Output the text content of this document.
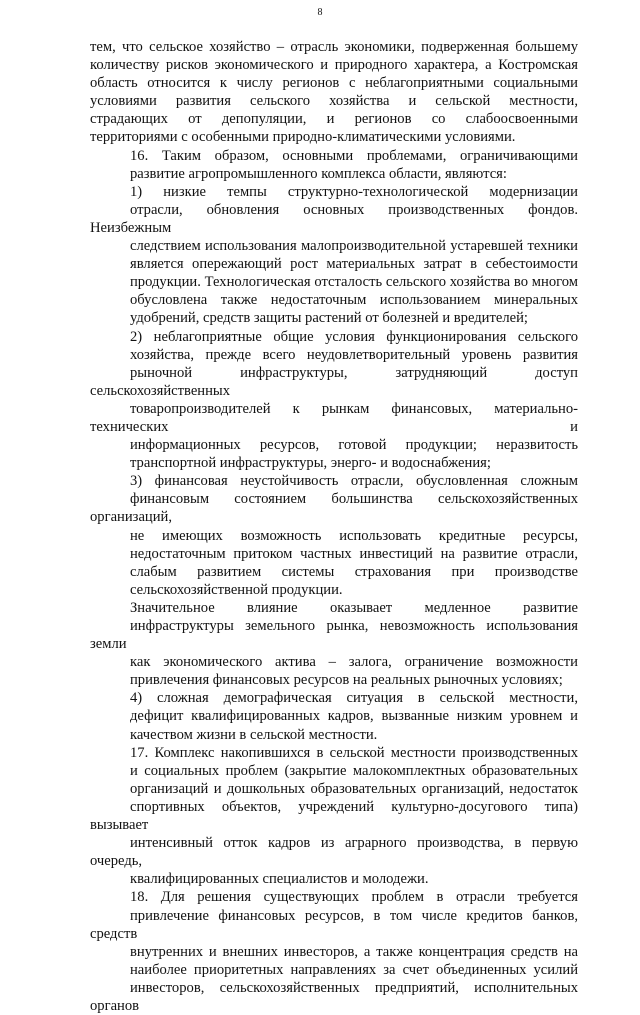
8

тем, что сельское хозяйство – отрасль экономики, подверженная большему
количеству рисков экономического и природного характера, а Костромская
область относится к числу регионов с неблагоприятными социальными
условиями развития сельского хозяйства и сельской местности,
страдающих от депопуляции, и регионов со слабоосвоенными
территориями с особенными природно-климатическими условиями.

16. Таким образом, основными проблемами, ограничивающими
развитие агропромышленного комплекса области, являются:

1) низкие темпы структурно-технологической модернизации
отрасли, обновления основных производственных фондов. Неизбежным
следствием использования малопроизводительной устаревшей техники
является опережающий рост материальных затрат в себестоимости
продукции. Технологическая отсталость сельского хозяйства во многом
обусловлена также недостаточным использованием минеральных
удобрений, средств защиты растений от болезней и вредителей;

2) неблагоприятные общие условия функционирования сельского
хозяйства, прежде всего неудовлетворительный уровень развития
рыночной инфраструктуры, затрудняющий доступ сельскохозяйственных
товаропроизводителей к рынкам финансовых, материально-технических и
информационных ресурсов, готовой продукции; неразвитость
транспортной инфраструктуры, энерго- и водоснабжения;

3) финансовая неустойчивость отрасли, обусловленная сложным
финансовым состоянием большинства сельскохозяйственных организаций,
не имеющих возможность использовать кредитные ресурсы,
недостаточным притоком частных инвестиций на развитие отрасли,
слабым развитием системы страхования при производстве
сельскохозяйственной продукции.

Значительное влияние оказывает медленное развитие
инфраструктуры земельного рынка, невозможность использования земли
как экономического актива – залога, ограничение возможности
привлечения финансовых ресурсов на реальных рыночных условиях;

4) сложная демографическая ситуация в сельской местности,
дефицит квалифицированных кадров, вызванные низким уровнем и
качеством жизни в сельской местности.

17. Комплекс накопившихся в сельской местности производственных
и социальных проблем (закрытие малокомплектных образовательных
организаций и дошкольных образовательных организаций, недостаток
спортивных объектов, учреждений культурно-досугового типа) вызывает
интенсивный отток кадров из аграрного производства, в первую очередь,
квалифицированных специалистов и молодежи.

18. Для решения существующих проблем в отрасли требуется
привлечение финансовых ресурсов, в том числе кредитов банков, средств
внутренних и внешних инвесторов, а также концентрация средств на
наиболее приоритетных направлениях за счет объединенных усилий
инвесторов, сельскохозяйственных предприятий, исполнительных органов
